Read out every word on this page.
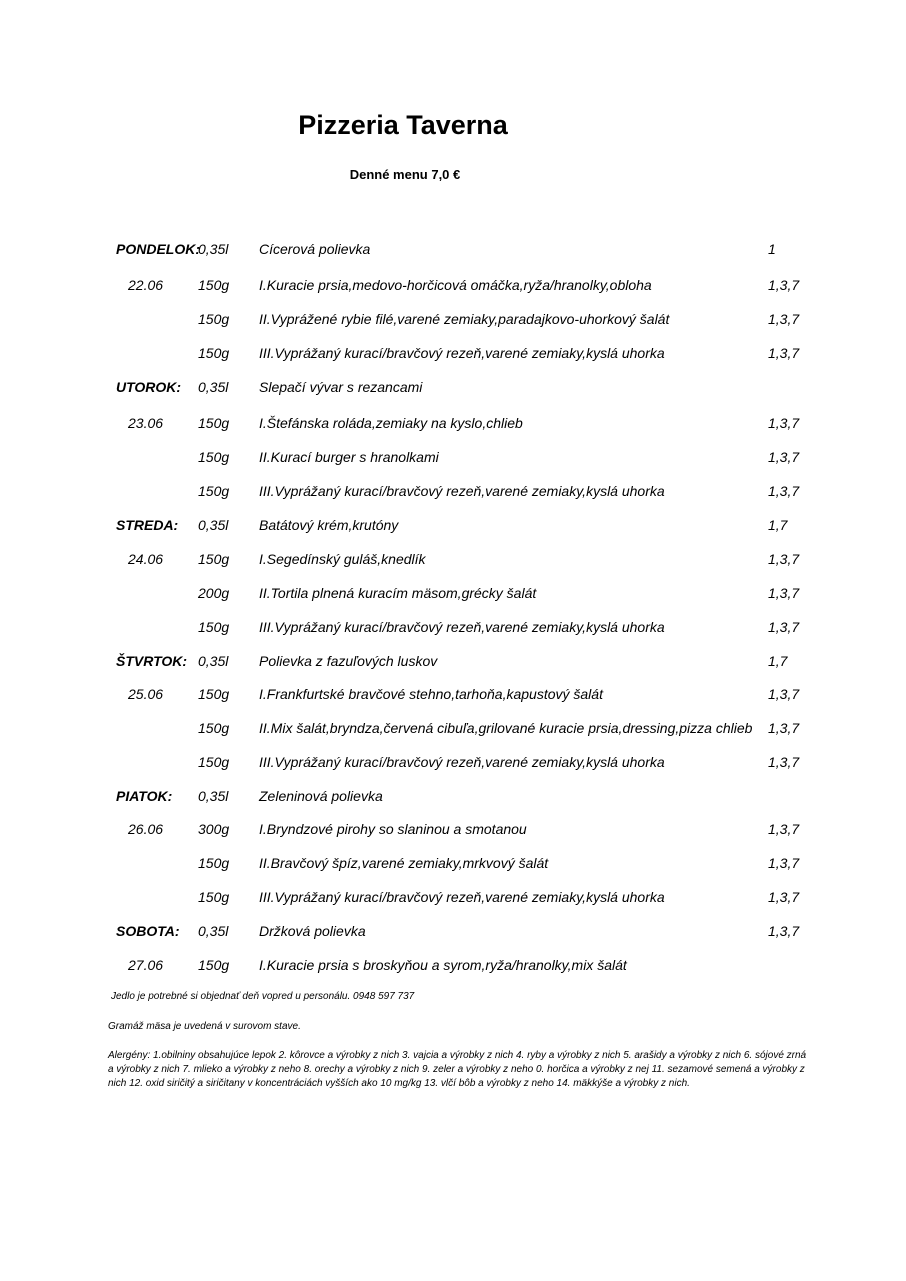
Pizzeria Taverna
Denné menu 7,0 €
PONDELOK:
0,35l Cícerová polievka	1
22.06 150g I.Kuracie prsia,medovo-horčicová omáčka,ryža/hranolky,obloha	1,3,7
150g II.Vyprážené rybie filé,varené zemiaky,paradajkovo-uhorkový šalát	1,3,7
150g III.Vyprážaný kurací/bravčový rezeň,varené zemiaky,kyslá uhorka	1,3,7
UTOROK: 0,35l Slepačí vývar s rezancami
23.06 150g I.Štefánska roláda,zemiaky na kyslo,chlieb	1,3,7
150g II.Kurací burger s hranolkami	1,3,7
150g III.Vyprážaný kurací/bravčový rezeň,varené zemiaky,kyslá uhorka	1,3,7
STREDA: 0,35l Batátový krém,krutóny	1,7
24.06 150g I.Segedínský guláš,knedlík	1,3,7
200g II.Tortila plnená kuracím mäsom,grécky šalát	1,3,7
150g III.Vyprážaný kurací/bravčový rezeň,varené zemiaky,kyslá uhorka	1,3,7
ŠTVRTOK: 0,35l Polievka z fazuľových luskov	1,7
25.06 150g I.Frankfurtské bravčové stehno,tarhoňa,kapustový šalát	1,3,7
150g II.Mix šalát,bryndza,červená cibuľa,grilované kuracie prsia,dressing,pizza chlieb 1,3,7
150g III.Vyprážaný kurací/bravčový rezeň,varené zemiaky,kyslá uhorka	1,3,7
PIATOK: 0,35l Zeleninová polievka
26.06 300g I.Bryndzové pirohy so slaninou a smotanou	1,3,7
150g II.Bravčový špíz,varené zemiaky,mrkvový šalát	1,3,7
150g III.Vyprážaný kurací/bravčový rezeň,varené zemiaky,kyslá uhorka	1,3,7
SOBOTA: 0,35l Držková polievka	1,3,7
27.06 150g I.Kuracie prsia s broskyňou a syrom,ryža/hranolky,mix šalát
Jedlo je potrebné si objednať deň vopred u personálu. 0948 597 737
Gramáž mäsa je uvedená v surovom stave.
Alergény: 1.obilniny obsahujúce lepok 2. kôrovce a výrobky z nich 3. vajcia a výrobky z nich 4. ryby a výrobky z nich 5. arašidy a výrobky z nich 6. sójové zrná a výrobky z nich 7. mlieko a výrobky z neho 8. orechy a výrobky z nich 9. zeler a výrobky z neho 0. horčica a výrobky z nej 11. sezamové semená a výrobky z nich 12. oxid siričitý a siričitany v koncentráciách vyšších ako 10 mg/kg 13. vlčí bôb a výrobky z neho 14. mäkkýše a výrobky z nich.
